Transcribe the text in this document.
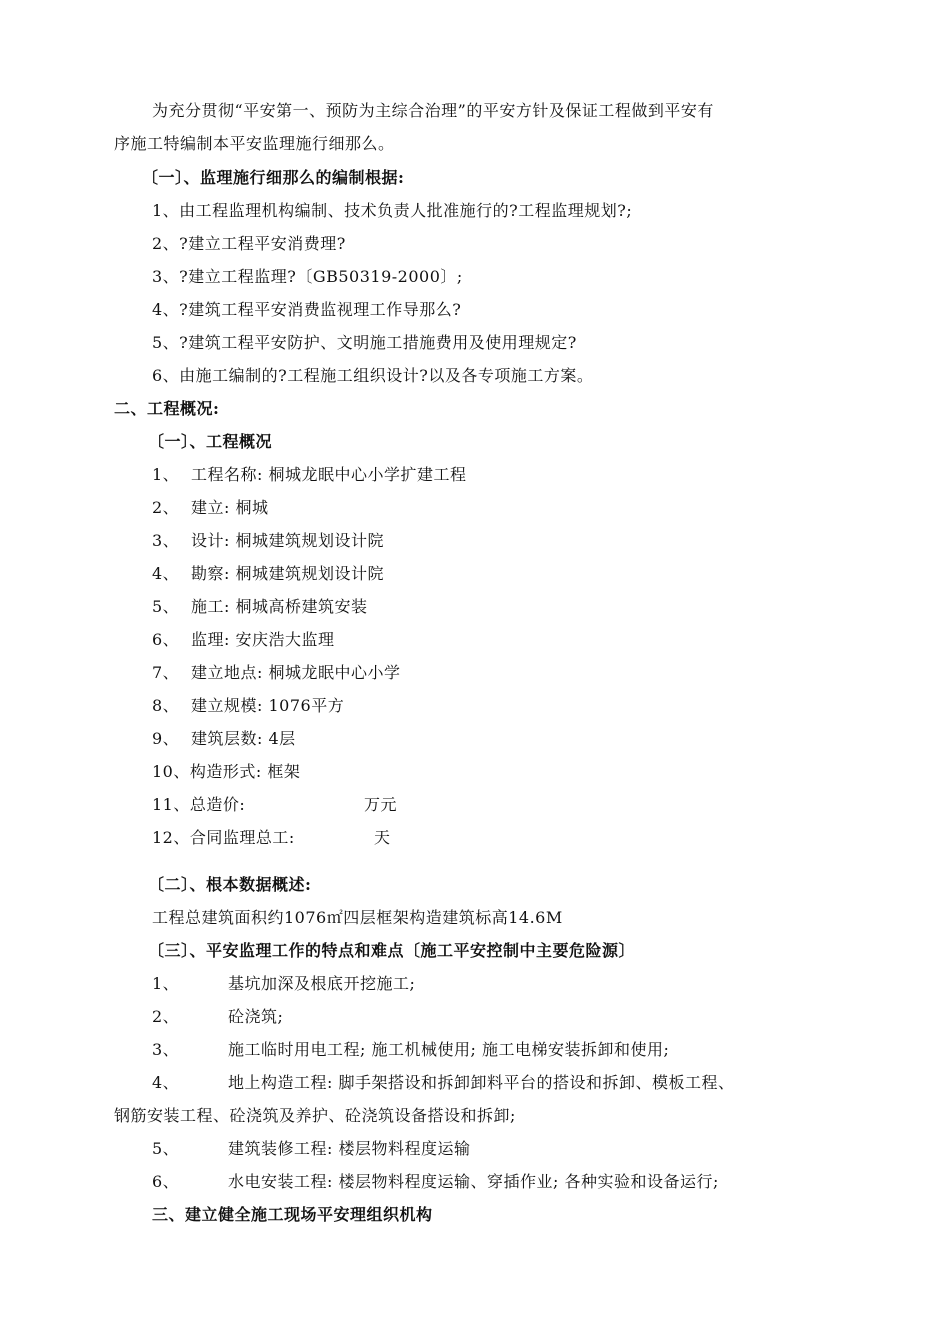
为充分贯彻“平安第一、预防为主综合治理”的平安方针及保证工程做到平安有
序施工特编制本平安监理施行细那么。
〔一〕、监理施行细那么的编制根据:
1、由工程监理机构编制、技术负责人批准施行的?工程监理规划?;
2、?建立工程平安消费理?
3、?建立工程监理?〔GB50319-2000〕;
4、?建筑工程平安消费监视理工作导那么?
5、?建筑工程平安防护、文明施工措施费用及使用理规定?
6、由施工编制的?工程施工组织设计?以及各专项施工方案。
二、工程概况:
〔一〕、工程概况
1、 工程名称: 桐城龙眠中心小学扩建工程
2、 建立: 桐城
3、 设计: 桐城建筑规划设计院
4、 勘察: 桐城建筑规划设计院
5、 施工: 桐城高桥建筑安装
6、 监理: 安庆浩大监理
7、 建立地点: 桐城龙眠中心小学
8、 建立规模: 1076平方
9、 建筑层数: 4层
10、构造形式: 框架
11、总造价:	万元
12、合同监理总工:	天
〔二〕、根本数据概述:
工程总建筑面积约1076㎡四层框架构造建筑标高14.6M
〔三〕、平安监理工作的特点和难点〔施工平安控制中主要危险源〕
1、	基坑加深及根底开挖施工;
2、	砼浇筑;
3、	施工临时用电工程; 施工机械使用; 施工电梯安装拆卸和使用;
4、	地上构造工程: 脚手架搭设和拆卸卸料平台的搭设和拆卸、模板工程、
钢筋安装工程、砼浇筑及养护、砼浇筑设备搭设和拆卸;
5、	建筑装修工程: 楼层物料程度运输
6、	水电安装工程: 楼层物料程度运输、穿插作业; 各种实验和设备运行;
三、建立健全施工现场平安理组织机构
